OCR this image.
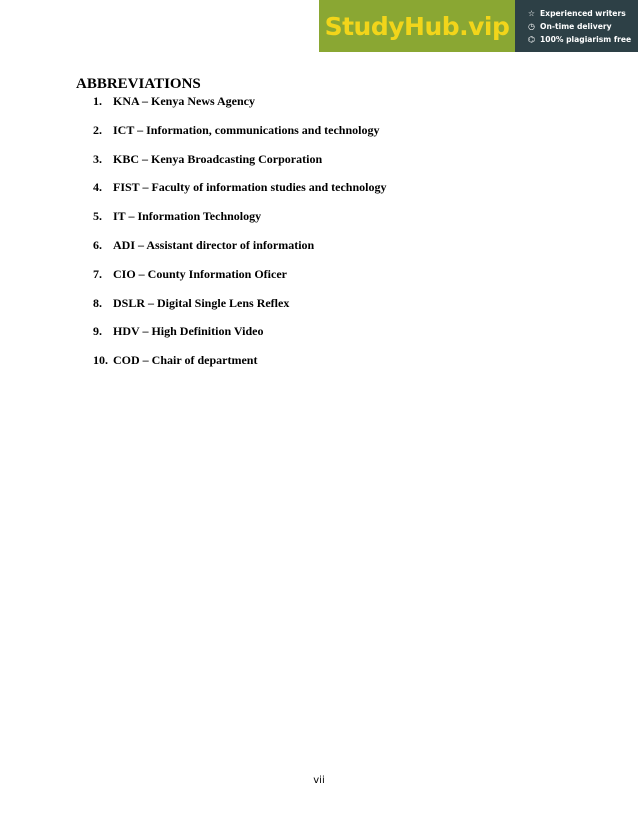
StudyHub.vip ☆ Experienced writers
◷ On-time delivery
⌬ 100% plagiarism free
ABBREVIATIONS
1. KNA – Kenya News Agency
2. ICT – Information, communications and technology
3. KBC – Kenya Broadcasting Corporation
4. FIST – Faculty of information studies and technology
5. IT – Information Technology
6. ADI – Assistant director of information
7. CIO – County Information Oficer
8. DSLR – Digital Single Lens Reflex
9. HDV – High Definition Video
10. COD – Chair of department
vii
